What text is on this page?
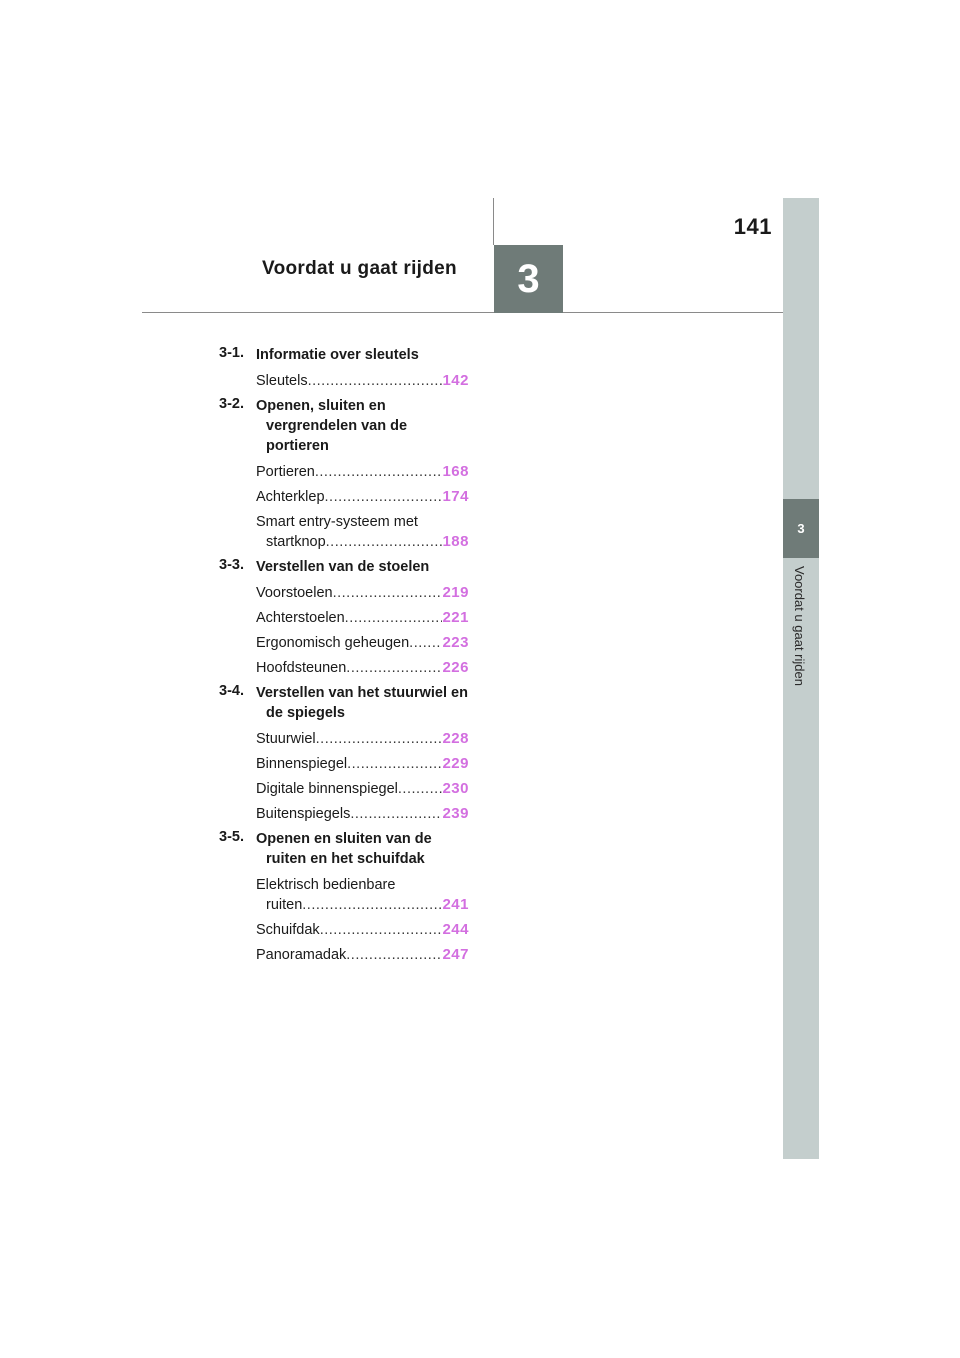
141
3
Voordat u gaat rijden
3
Voordat u gaat rijden
3-1. Informatie over sleutels
Sleutels .....	142
3-2. Openen, sluiten en vergrendelen van de portieren
Portieren .....	168
Achterklep .....	174
Smart entry-systeem met
startknop .....	188
3-3. Verstellen van de stoelen
Voorstoelen .....	219
Achterstoelen .....	221
Ergonomisch geheugen ..... 223
Hoofdsteunen .....	226
3-4. Verstellen van het stuurwiel en de spiegels
Stuurwiel .....	228
Binnenspiegel .....	229
Digitale binnenspiegel .....	230
Buitenspiegels .....	239
3-5. Openen en sluiten van de ruiten en het schuifdak
Elektrisch bedienbare
ruiten .....	241
Schuifdak .....	244
Panoramadak .....	247
